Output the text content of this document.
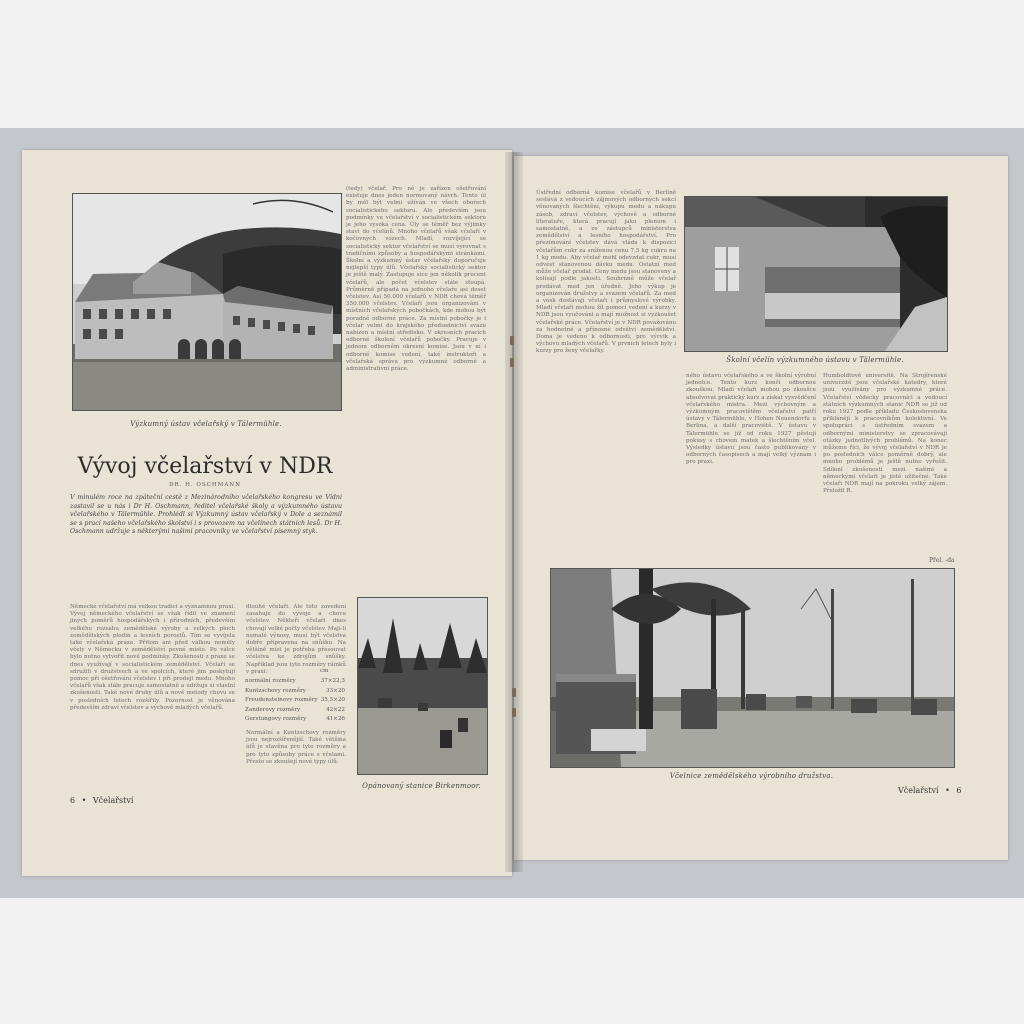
Výzkumný ústav včelařský v Tálermühle.
Vývoj včelařství v NDR
DR. H. OSCHMANN
V minulém roce na zpáteční cestě z Mezinárodního včelařského kongresu ve Vídni zastavil se u nás i Dr H. Oschmann, ředitel včelařské školy a výzkumného ústavu včelařského v Tälermühle. Prohlédl si Výzkumný ústav včelařský v Dole a seznámil se s prací našeho včelařského školství i s provozem na včelínech státních lesů. Dr H. Oschmann udržuje s některými našimi pracovníky ve včelařství písemný styk.
Německé včelařství má velkou tradici a významnou praxi. Vývoj německého včelařství se však řídil ve znamení jiných poměrů hospodářských i přírodních, především velkého rozsahu zemědělské výroby a velkých ploch zemědělských plodin a lesních porostů. Tím se vyvíjela také včelařská praxe. Přitom ani před válkou neměly včely v Německu v zemědělství pevné místo. Po válce bylo nutno vytvořit nové podmínky. Zkušenosti z praxe se dnes využívají v socialistickém zemědělství. Včelaři se sdružili v družstvech a ve spolcích, které jim poskytují pomoc při ošetřování včelstev i při prodeji medu. Mnoho včelařů však stále pracuje samostatně a udržuje si vlastní zkušenosti. Také nové druhy úlů a nové metody chovu se v posledních letech rozšířily. Pozornost je věnována především zdraví včelstev a výchově mladých včelařů.
dlouhé včelaři. Ale toto zavedení zasahuje do vývoje a chovu včelstev. Někteří včelaři dnes chovají velké počty včelstev. Mají-li nemalé výnosy, musí být včelstva dobře připravena na snůšku. Na většině míst je potřeba přesouvat včelstva ke zdrojům snůšky. Například jsou tyto rozměry rámků v praxi:	cm
normální rozměry	37×22,3
Kuntzschovy rozměry	33×20
Freudensteinovy rozměry 35,5×20
Zanderovy rozměry	42×22
Gerstungovy rozměry	41×26
Normální a Kuntzschovy rozměry jsou nejrozšířenější. Také většina úlů je stavěna pro tyto rozměry a pro tyto způsoby práce s včelami. Přesto se zkoušejí nové typy úlů.
(tedy) včelař. Pro ně je zařízen ošetřování existuje dnes jeden normovaný návrh. Tento úl by měl být velmi užíván ve všech oborech socialistického sektoru. Ale především jsou podmínky ve včelařství v socialistickém sektoru je jeho vysoká cena. Úly se téměř bez výjimky staví do včelínů. Mnoho včelařů však včelaří v kočovných vozech. Mladí, rozvíjející se socialistický sektor včelařství se musí vyrovnat s tradičními způsoby a hospodářskými stránkami. Školní a výzkumný ústav včelařský doporučuje nejlepší typy úlů. Včelařský socialistický sektor je ještě malý. Zastupuje sice jen několik procent včelařů, ale počet včelstev stále stoupá. Průměrně připadá na jednoho včelaře asi deset včelstev. Asi 50.000 včelařů v NDR chová téměř 350.000 včelstev. Včelaři jsou organizováni v místních včelařských pobočkách, kde mohou být poradně odborné práce. Za místní pobočky je i včelař velmi do krajského předsednictví svazu nabízen a místní středisko. V okresních pracích odborné školení včelařů pobočky. Pracuje v jednom odborném okresní komise. Jsou v ní i odborné komise vedení, také instruktoři a včelařská správa pro výzkumné odborné a administrativní práce.
Opánovaný stanice Birkenmoor.
6 • Včelařství
Ústřední odborná komise včelařů v Berlíně sestává z vedoucích zájmových odborných sekcí věnovaných šlechtění, výkupu medu a nákupu zásob, zdraví včelstev, výchově a odborné literatuře, která pracují jako plenum i samostatně, a ze zástupců ministerstva zemědělství a lesního hospodářství. Pro přezimování včelstev dává vláda k dispozici včelařům cukr za sníženou cenu 7,5 kg cukru na 1 kg medu. Aby včelař mohl odevzdat cukr, musí odvést stanovenou dávku medu. Ostatní med může včelař prodat. Ceny medu jsou stanoveny a kolísají podle jakosti. Souhrnně může včelař prodávat med jen úředně. Jeho výkup je organizován družstvy a svazem včelařů. Za med a vosk dostávají včelaři i průmyslové výrobky. Mladí včelaři mohou žít pomocí vedení a kurzy v NDR jsou vyučováni a mají možnost si vyzkoušet včelařské práce. Včelařství je v NDR považováno za hodnotné a přínosné odvětví zemědělství. Doma je vedeno k odbornosti, pro výcvik a výchovu mladých včelařů. V prvních letech byly i kurzy pro ženy včelařky.
Školní včelín výzkumného ústavu v Tälermühle.
ného ústavu včelařského a ve školní výrobní jednotce. Tento kurz končí odbornou zkouškou. Mladí včelaři mohou po zkoušce absolvovat praktický kurz a získat vysvědčení včelařského mistra. Mezi výchovným a výzkumným pracovištěm včelařství patří ústavy v Tálermühle, v Hohen Neuendorfu u Berlína, a další pracoviště. V ústavu v Tálermühle se již od roku 1927 pěstují pokusy s chovem matek a šlechtěním včel. Výsledky ústavu jsou často publikovány v odborných časopisech a mají velký význam i pro praxi.
Humboldtově universitě. Na Strojírenské univerzitě jsou včelařské katedry, které jsou využívány pro výzkumné práce. Včelařství vědecky pracovníci a vedoucí státních výzkumných stanic NDR se již od roku 1927 podle příkladu Československa přiklánějí k pracovníkům kolektivní. Ve spolupráci s ústředním svazem a odbornými ministerstvy se zpracovávají otázky jednotlivých problémů. Na konec můžeme říci, že vývoj včelařství v NDR je po posledních válce poměrně dobrý, ale mnoho problémů je ještě nutno vyřešit. Sdílení zkušeností mezi našimi a německými včelaři je jistě užitečné. Také včelaři NDR mají na pokroku velký zájem. Přeložil R.
Přel. -da
Včelnice zemědělského výrobního družstva.
Včelařství • 6
